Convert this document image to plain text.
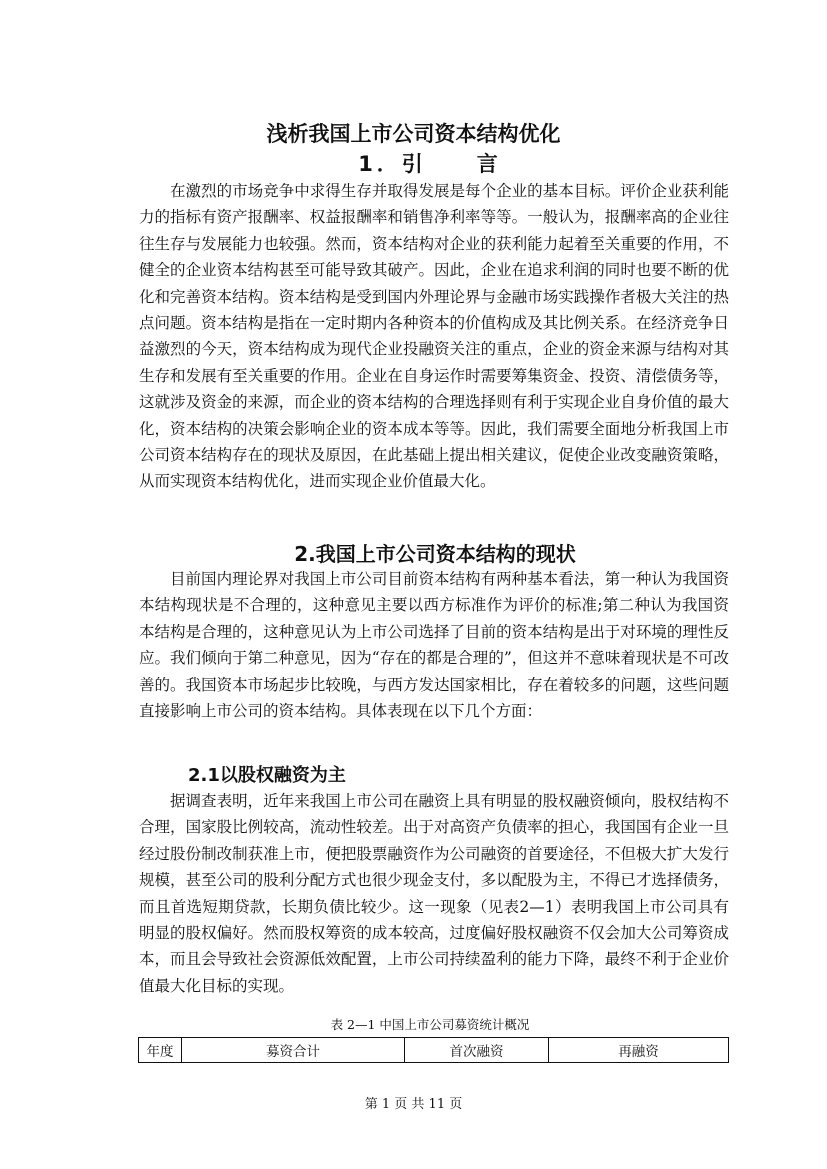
浅析我国上市公司资本结构优化
1．引　　言

在激烈的市场竞争中求得生存并取得发展是每个企业的基本目标。评价企业获利能力的指标有资产报酬率、权益报酬率和销售净利率等等。一般认为，报酬率高的企业往往生存与发展能力也较强。然而，资本结构对企业的获利能力起着至关重要的作用，不健全的企业资本结构甚至可能导致其破产。因此，企业在追求利润的同时也要不断的优化和完善资本结构。资本结构是受到国内外理论界与金融市场实践操作者极大关注的热点问题。资本结构是指在一定时期内各种资本的价值构成及其比例关系。在经济竞争日益激烈的今天，资本结构成为现代企业投融资关注的重点，企业的资金来源与结构对其生存和发展有至关重要的作用。企业在自身运作时需要筹集资金、投资、清偿债务等，这就涉及资金的来源，而企业的资本结构的合理选择则有利于实现企业自身价值的最大化，资本结构的决策会影响企业的资本成本等等。因此，我们需要全面地分析我国上市公司资本结构存在的现状及原因，在此基础上提出相关建议，促使企业改变融资策略，从而实现资本结构优化，进而实现企业价值最大化。

2.我国上市公司资本结构的现状

目前国内理论界对我国上市公司目前资本结构有两种基本看法，第一种认为我国资本结构现状是不合理的，这种意见主要以西方标准作为评价的标准;第二种认为我国资本结构是合理的，这种意见认为上市公司选择了目前的资本结构是出于对环境的理性反应。我们倾向于第二种意见，因为“存在的都是合理的”，但这并不意味着现状是不可改善的。我国资本市场起步比较晚，与西方发达国家相比，存在着较多的问题，这些问题直接影响上市公司的资本结构。具体表现在以下几个方面：

2.1以股权融资为主

据调查表明，近年来我国上市公司在融资上具有明显的股权融资倾向，股权结构不合理，国家股比例较高，流动性较差。出于对高资产负债率的担心，我国国有企业一旦经过股份制改制获准上市，便把股票融资作为公司融资的首要途径，不但极大扩大发行规模，甚至公司的股利分配方式也很少现金支付，多以配股为主，不得已才选择债务，而且首选短期贷款，长期负债比较少。这一现象（见表2—1）表明我国上市公司具有明显的股权偏好。然而股权筹资的成本较高，过度偏好股权融资不仅会加大公司筹资成本，而且会导致社会资源低效配置，上市公司持续盈利的能力下降，最终不利于企业价值最大化目标的实现。

表 2—1 中国上市公司募资统计概况
年度	募资合计	首次融资	再融资
第 1 页 共 11 页
